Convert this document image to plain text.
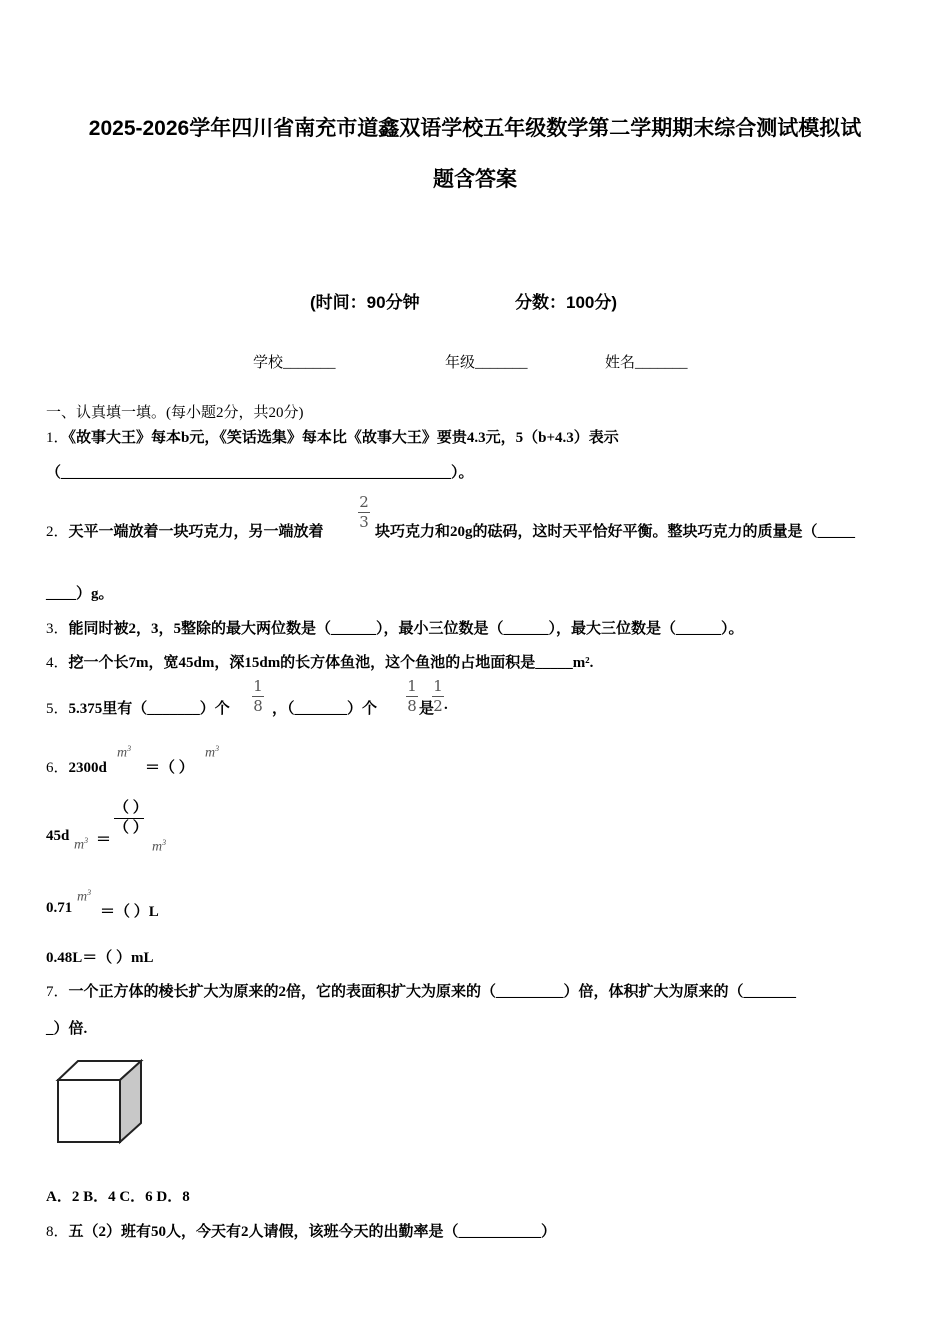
2025-2026学年四川省南充市道鑫双语学校五年级数学第二学期期末综合测试模拟试
题含答案
(时间：90分钟	分数：100分)
学校_______	年级_______	姓名_______
一、认真填一填。(每小题2分，共20分)
1．《故事大王》每本b元，《笑话选集》每本比《故事大王》要贵4.3元，5（b+4.3）表示
（____________________________________________________）。
2．天平一端放着一块巧克力，另一端放着
2
3
块巧克力和20g的砝码，这时天平恰好平衡。整块巧克力的质量是（_____
____）g。
3．能同时被2，3，5整除的最大两位数是（______），最小三位数是（______），最大三位数是（______）。
4．挖一个长7m，宽45dm，深15dm的长方体鱼池，这个鱼池的占地面积是_____m².
5．5.375里有（_______）个
1
8 ，（_______）个
1
8 是
1
2 .
6．2300d
$m^3$
＝（ ）
$m^3$
45d
$m^3$ ＝
（ ）
（ ）
$m^3$
0.71
$m^3$
＝（ ）L
0.48L＝（ ）mL
7．一个正方体的棱长扩大为原来的2倍，它的表面积扩大为原来的（_________）倍，体积扩大为原来的（_______
_）倍.
A．2 B．4 C．6 D．8
8．五（2）班有50人，今天有2人请假，该班今天的出勤率是（___________）
